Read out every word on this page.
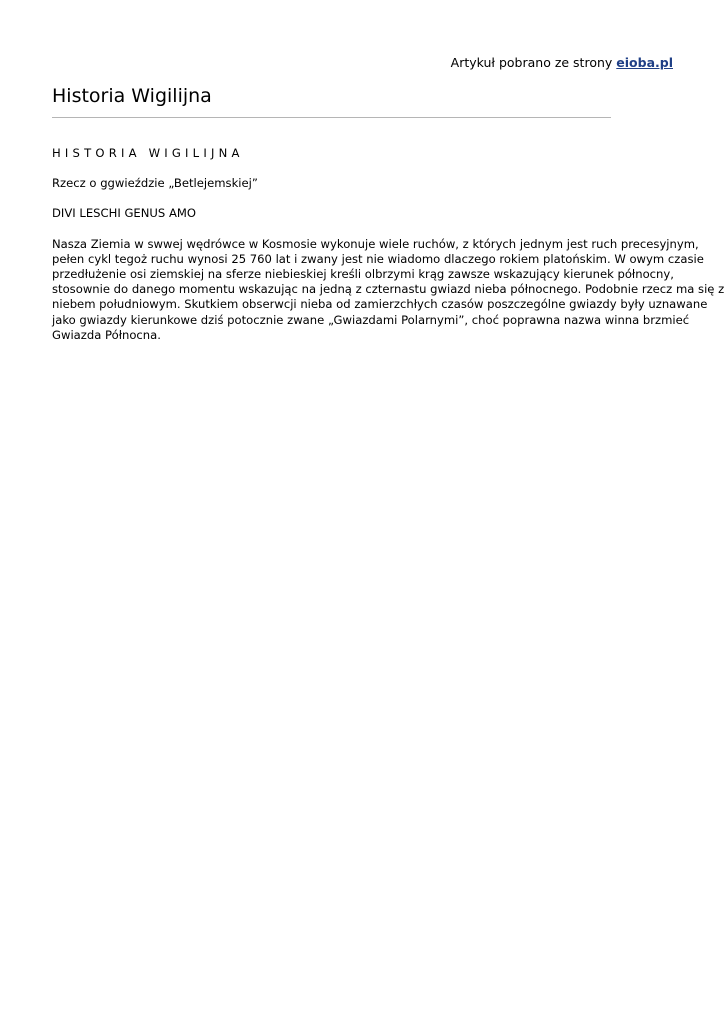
Artykuł pobrano ze strony eioba.pl
Historia Wigilijna

HISTORIA WIGILIJNA

Rzecz o ggwieździe „Betlejemskiej”

DIVI LESCHI GENUS AMO

Nasza Ziemia w swwej wędrówce w Kosmosie wykonuje wiele ruchów, z których jednym jest ruch precesyjnym,
pełen cykl tegoż ruchu wynosi 25 760 lat i zwany jest nie wiadomo dlaczego rokiem platońskim. W owym czasie
przedłużenie osi ziemskiej na sferze niebieskiej kreśli olbrzymi krąg zawsze wskazujący kierunek północny,
stosownie do danego momentu wskazując na jedną z czternastu gwiazd nieba północnego. Podobnie rzecz ma się z
niebem południowym. Skutkiem obserwcji nieba od zamierzchłych czasów poszczególne gwiazdy były uznawane
jako gwiazdy kierunkowe dziś potocznie zwane „Gwiazdami Polarnymi”, choć poprawna nazwa winna brzmieć
Gwiazda Północna.
